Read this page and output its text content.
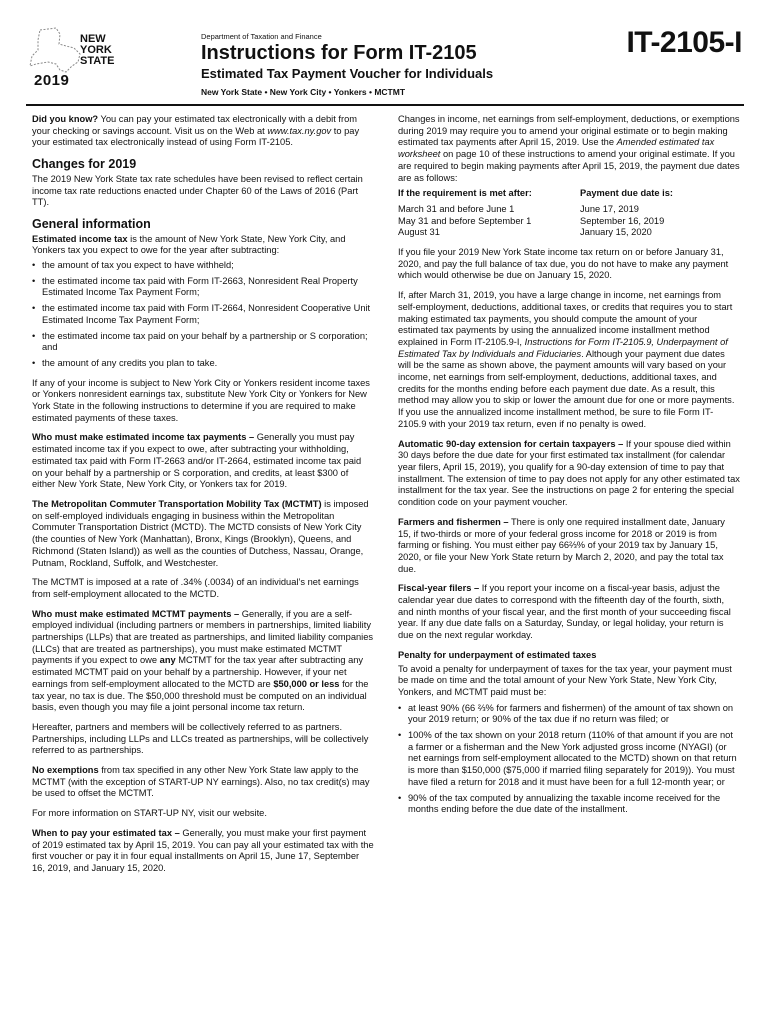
NEW
YORK
STATE
2019
Department of Taxation and Finance
Instructions for Form IT-2105
Estimated Tax Payment Voucher for Individuals
New York State • New York City • Yonkers • MCTMT
IT-2105-I

Did you know? You can pay your estimated tax electronically with a debit from your checking or savings account. Visit us on the Web at www.tax.ny.gov to pay your estimated tax electronically instead of using Form IT-2105.

Changes for 2019

The 2019 New York State tax rate schedules have been revised to reflect certain income tax rate reductions enacted under Chapter 60 of the Laws of 2016 (Part TT).

General information

Estimated income tax is the amount of New York State, New York City, and Yonkers tax you expect to owe for the year after subtracting:

• the amount of tax you expect to have withheld;
• the estimated income tax paid with Form IT-2663, Nonresident Real Property Estimated Income Tax Payment Form;
• the estimated income tax paid with Form IT-2664, Nonresident Cooperative Unit Estimated Income Tax Payment Form;
• the estimated income tax paid on your behalf by a partnership or S corporation; and
• the amount of any credits you plan to take.

If any of your income is subject to New York City or Yonkers resident income taxes or Yonkers nonresident earnings tax, substitute New York City or Yonkers for New York State in the following instructions to determine if you are required to make estimated payments of these taxes.

Who must make estimated income tax payments – Generally you must pay estimated income tax if you expect to owe, after subtracting your withholding, estimated tax paid with Form IT-2663 and/or IT-2664, estimated income tax paid on your behalf by a partnership or S corporation, and credits, at least $300 of either New York State, New York City, or Yonkers tax for 2019.

The Metropolitan Commuter Transportation Mobility Tax (MCTMT) is imposed on self-employed individuals engaging in business within the Metropolitan Commuter Transportation District (MCTD). The MCTD consists of New York City (the counties of New York (Manhattan), Bronx, Kings (Brooklyn), Queens, and Richmond (Staten Island)) as well as the counties of Dutchess, Nassau, Orange, Putnam, Rockland, Suffolk, and Westchester.

The MCTMT is imposed at a rate of .34% (.0034) of an individual’s net earnings from self-employment allocated to the MCTD.

Who must make estimated MCTMT payments – Generally, if you are a self-employed individual (including partners or members in partnerships, limited liability partnerships (LLPs) that are treated as partnerships, and limited liability companies (LLCs) that are treated as partnerships), you must make estimated MCTMT payments if you expect to owe any MCTMT for the tax year after subtracting any estimated MCTMT paid on your behalf by a partnership. However, if your net earnings from self-employment allocated to the MCTD are $50,000 or less for the tax year, no tax is due. The $50,000 threshold must be computed on an individual basis, even though you may file a joint personal income tax return.

Hereafter, partners and members will be collectively referred to as partners. Partnerships, including LLPs and LLCs treated as partnerships, will be collectively referred to as partnerships.

No exemptions from tax specified in any other New York State law apply to the MCTMT (with the exception of START-UP NY earnings). Also, no tax credit(s) may be used to offset the MCTMT.

For more information on START-UP NY, visit our website.

When to pay your estimated tax – Generally, you must make your first payment of 2019 estimated tax by April 15, 2019. You can pay all your estimated tax with the first voucher or pay it in four equal installments on April 15, June 17, September 16, 2019, and January 15, 2020.

Changes in income, net earnings from self-employment, deductions, or exemptions during 2019 may require you to amend your original estimate or to begin making estimated tax payments after April 15, 2019. Use the Amended estimated tax worksheet on page 10 of these instructions to amend your original estimate. If you are required to begin making payments after April 15, 2019, the payment due dates are as follows:

If the requirement is met after:	Payment due date is:
March 31 and before June 1	June 17, 2019
May 31 and before September 1	September 16, 2019
August 31	January 15, 2020

If you file your 2019 New York State income tax return on or before January 31, 2020, and pay the full balance of tax due, you do not have to make any payment which would otherwise be due on January 15, 2020.

If, after March 31, 2019, you have a large change in income, net earnings from self-employment, deductions, additional taxes, or credits that requires you to start making estimated tax payments, you should compute the amount of your estimated tax payments by using the annualized income installment method explained in Form IT-2105.9-I, Instructions for Form IT-2105.9, Underpayment of Estimated Tax by Individuals and Fiduciaries. Although your payment due dates will be the same as shown above, the payment amounts will vary based on your income, net earnings from self-employment, deductions, additional taxes, and credits for the months ending before each payment due date. As a result, this method may allow you to skip or lower the amount due for one or more payments. If you use the annualized income installment method, be sure to file Form IT-2105.9 with your 2019 tax return, even if no penalty is owed.

Automatic 90-day extension for certain taxpayers – If your spouse died within 30 days before the due date for your first estimated tax installment (for calendar year filers, April 15, 2019), you qualify for a 90-day extension of time to pay that installment. The extension of time to pay does not apply for any other estimated tax installment for the tax year. See the instructions on page 2 for entering the special condition code on your payment voucher.

Farmers and fishermen – There is only one required installment date, January 15, if two-thirds or more of your federal gross income for 2018 or 2019 is from farming or fishing. You must either pay 66⅔% of your 2019 tax by January 15, 2020, or file your New York State return by March 2, 2020, and pay the total tax due.

Fiscal-year filers – If you report your income on a fiscal-year basis, adjust the calendar year due dates to correspond with the fifteenth day of the fourth, sixth, and ninth months of your fiscal year, and the first month of your succeeding fiscal year. If any due date falls on a Saturday, Sunday, or legal holiday, your return is due on the next regular workday.

Penalty for underpayment of estimated taxes

To avoid a penalty for underpayment of taxes for the tax year, your payment must be made on time and the total amount of your New York State, New York City, Yonkers, and MCTMT paid must be:

• at least 90% (66 ⅔% for farmers and fishermen) of the amount of tax shown on your 2019 return; or 90% of the tax due if no return was filed; or
• 100% of the tax shown on your 2018 return (110% of that amount if you are not a farmer or a fisherman and the New York adjusted gross income (NYAGI) (or net earnings from self-employment allocated to the MCTD) shown on that return is more than $150,000 ($75,000 if married filing separately for 2019)). You must have filed a return for 2018 and it must have been for a full 12-month year; or
• 90% of the tax computed by annualizing the taxable income received for the months ending before the due date of the installment.
